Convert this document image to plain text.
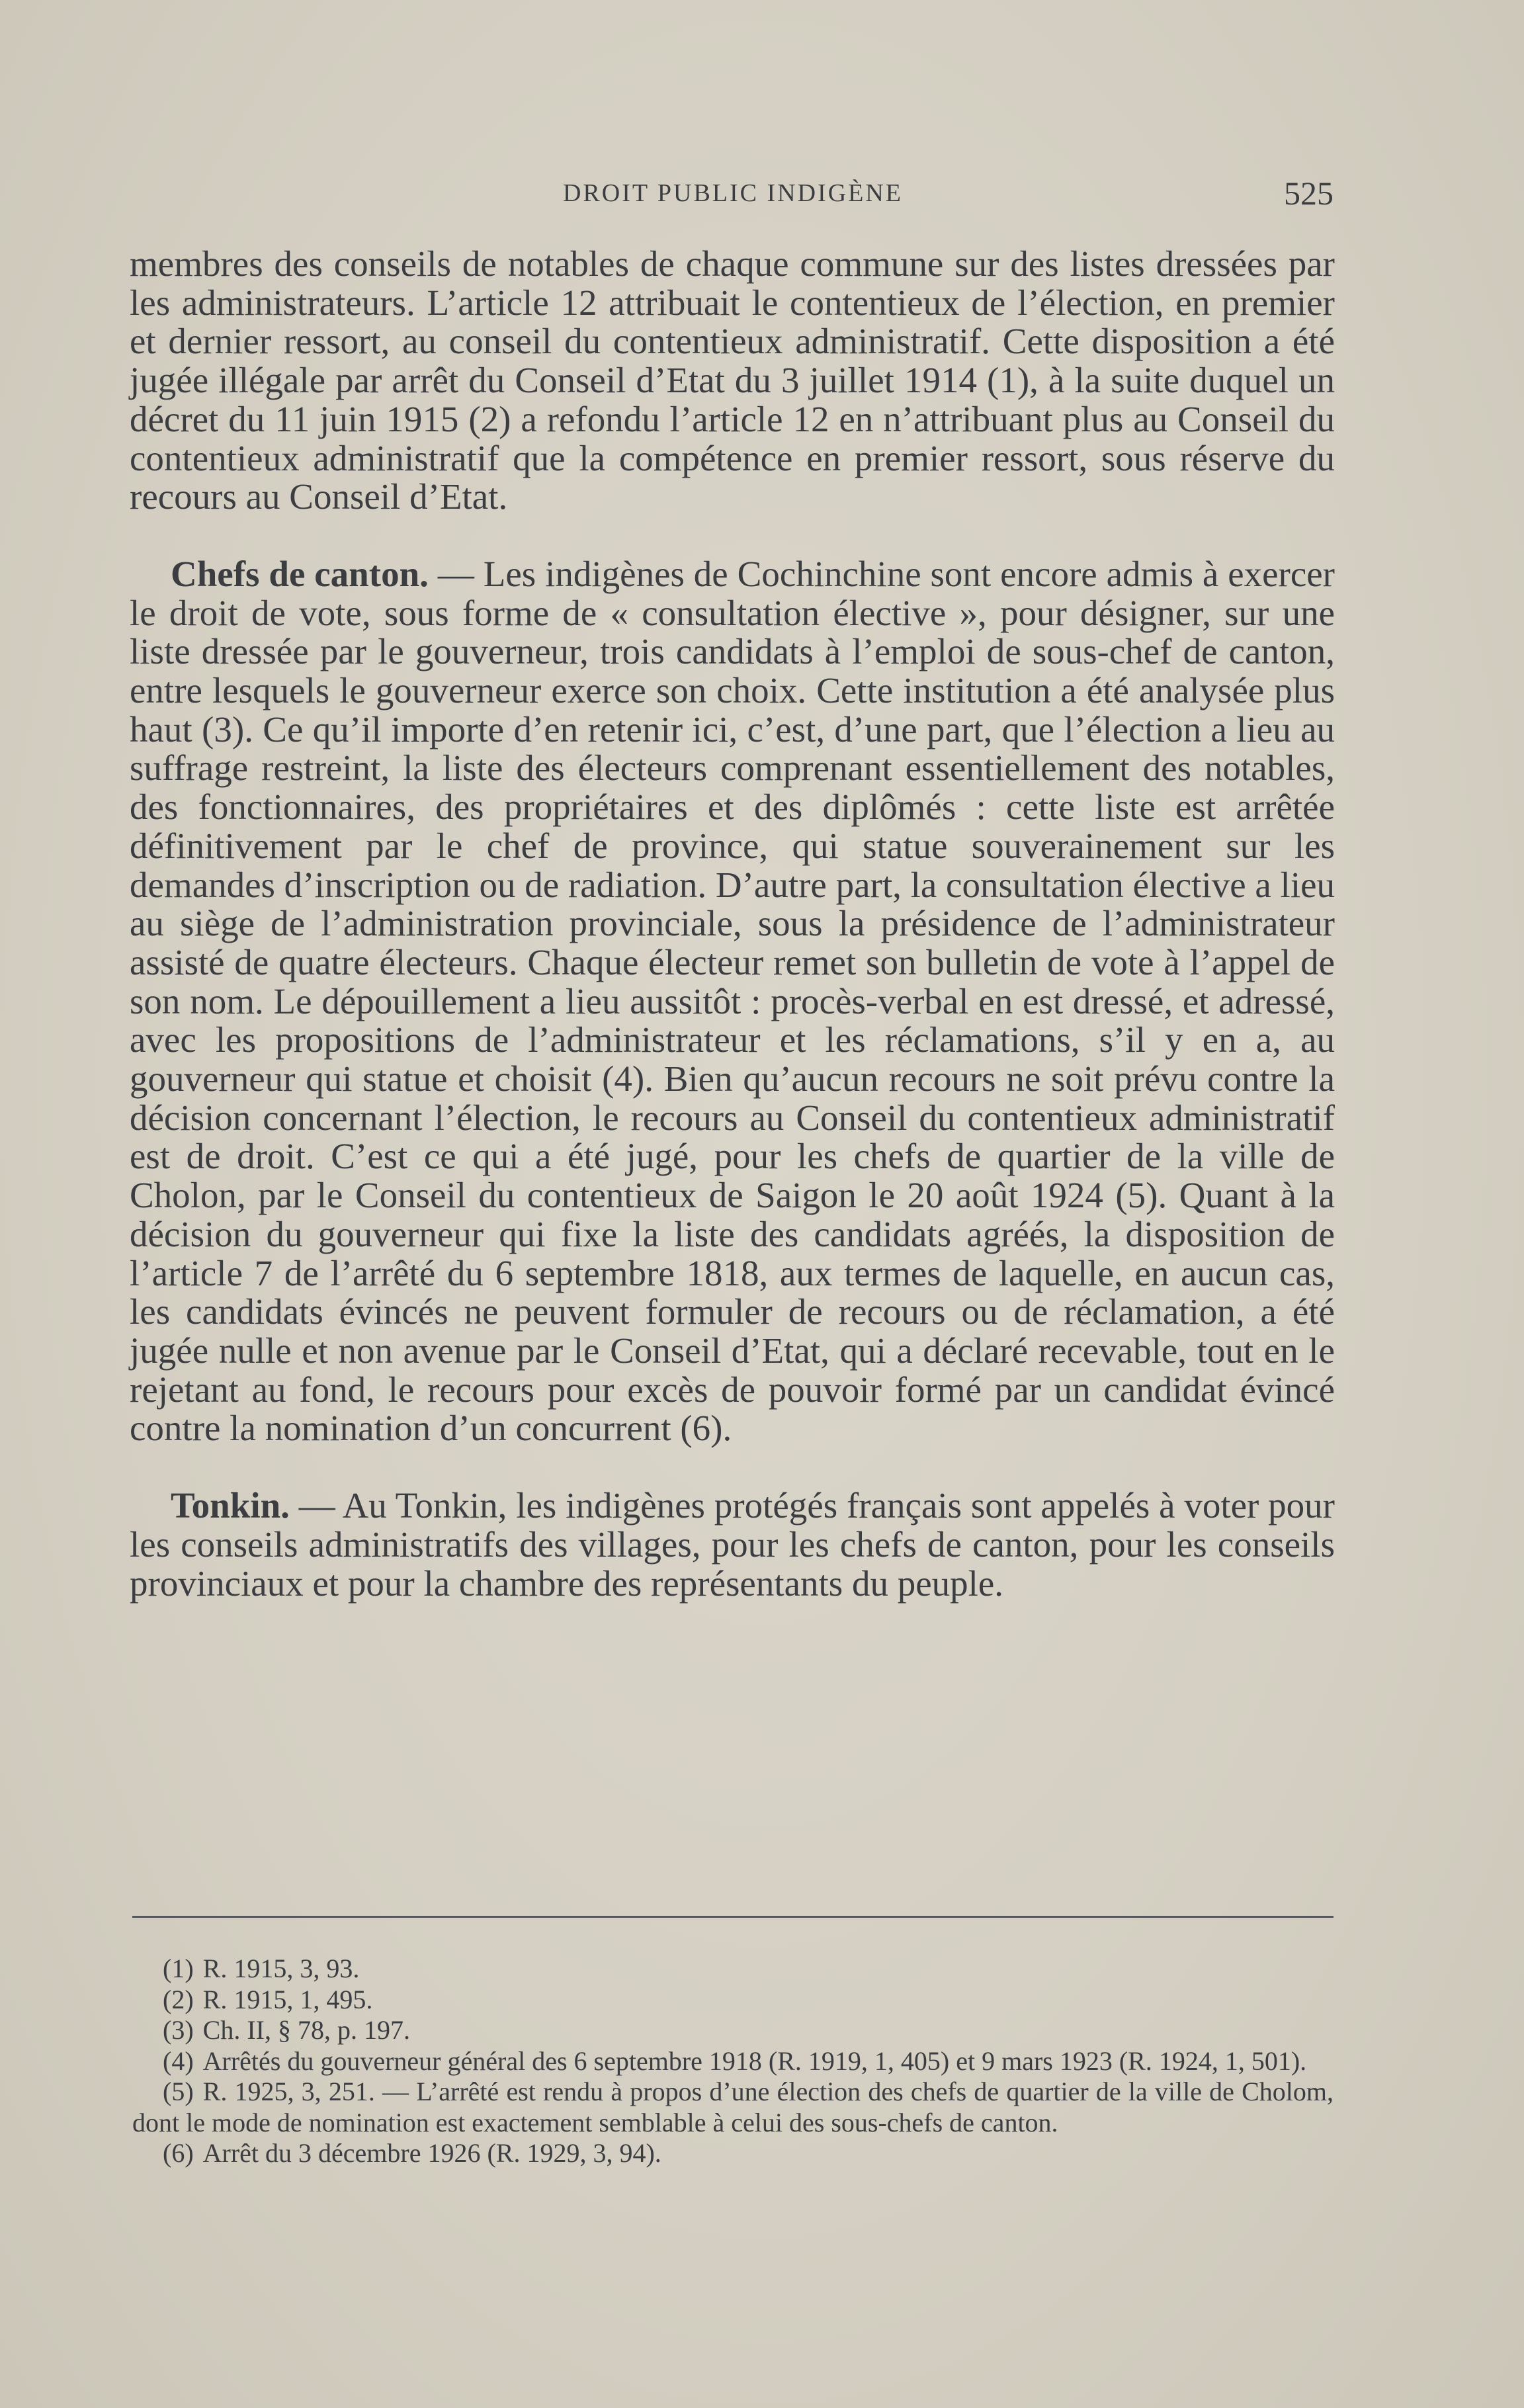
DROIT PUBLIC INDIGÈNE	525

membres des conseils de notables de chaque commune sur des listes dressées par les administrateurs. L’article 12 attribuait le contentieux de l’élection, en premier et dernier ressort, au conseil du contentieux administratif. Cette disposition a été jugée illégale par arrêt du Conseil d’Etat du 3 juillet 1914 (1), à la suite duquel un décret du 11 juin 1915 (2) a refondu l’article 12 en n’attribuant plus au Conseil du contentieux administratif que la compétence en premier ressort, sous réserve du recours au Conseil d’Etat.

Chefs de canton. — Les indigènes de Cochinchine sont encore admis à exercer le droit de vote, sous forme de « consultation élective », pour désigner, sur une liste dressée par le gouverneur, trois candidats à l’emploi de sous-chef de canton, entre lesquels le gouverneur exerce son choix. Cette institution a été analysée plus haut (3). Ce qu’il importe d’en retenir ici, c’est, d’une part, que l’élection a lieu au suffrage restreint, la liste des électeurs comprenant essentiellement des notables, des fonctionnaires, des propriétaires et des diplômés : cette liste est arrêtée définitivement par le chef de province, qui statue souverainement sur les demandes d’inscription ou de radiation. D’autre part, la consultation élective a lieu au siège de l’administration provinciale, sous la présidence de l’administrateur assisté de quatre électeurs. Chaque électeur remet son bulletin de vote à l’appel de son nom. Le dépouillement a lieu aussitôt : procès-verbal en est dressé, et adressé, avec les propositions de l’administrateur et les réclamations, s’il y en a, au gouverneur qui statue et choisit (4). Bien qu’aucun recours ne soit prévu contre la décision concernant l’élection, le recours au Conseil du contentieux administratif est de droit. C’est ce qui a été jugé, pour les chefs de quartier de la ville de Cholon, par le Conseil du contentieux de Saigon le 20 août 1924 (5). Quant à la décision du gouverneur qui fixe la liste des candidats agréés, la disposition de l’article 7 de l’arrêté du 6 septembre 1818, aux termes de laquelle, en aucun cas, les candidats évincés ne peuvent formuler de recours ou de réclamation, a été jugée nulle et non avenue par le Conseil d’Etat, qui a déclaré recevable, tout en le rejetant au fond, le recours pour excès de pouvoir formé par un candidat évincé contre la nomination d’un concurrent (6).

Tonkin. — Au Tonkin, les indigènes protégés français sont appelés à voter pour les conseils administratifs des villages, pour les chefs de canton, pour les conseils provinciaux et pour la chambre des représentants du peuple.

(1) R. 1915, 3, 93.

(2) R. 1915, 1, 495.

(3) Ch. II, § 78, p. 197.

(4) Arrêtés du gouverneur général des 6 septembre 1918 (R. 1919, 1, 405) et 9 mars 1923 (R. 1924, 1, 501).

(5) R. 1925, 3, 251. — L’arrêté est rendu à propos d’une élection des chefs de quartier de la ville de Cholom, dont le mode de nomination est exactement semblable à celui des sous-chefs de canton.

(6) Arrêt du 3 décembre 1926 (R. 1929, 3, 94).
